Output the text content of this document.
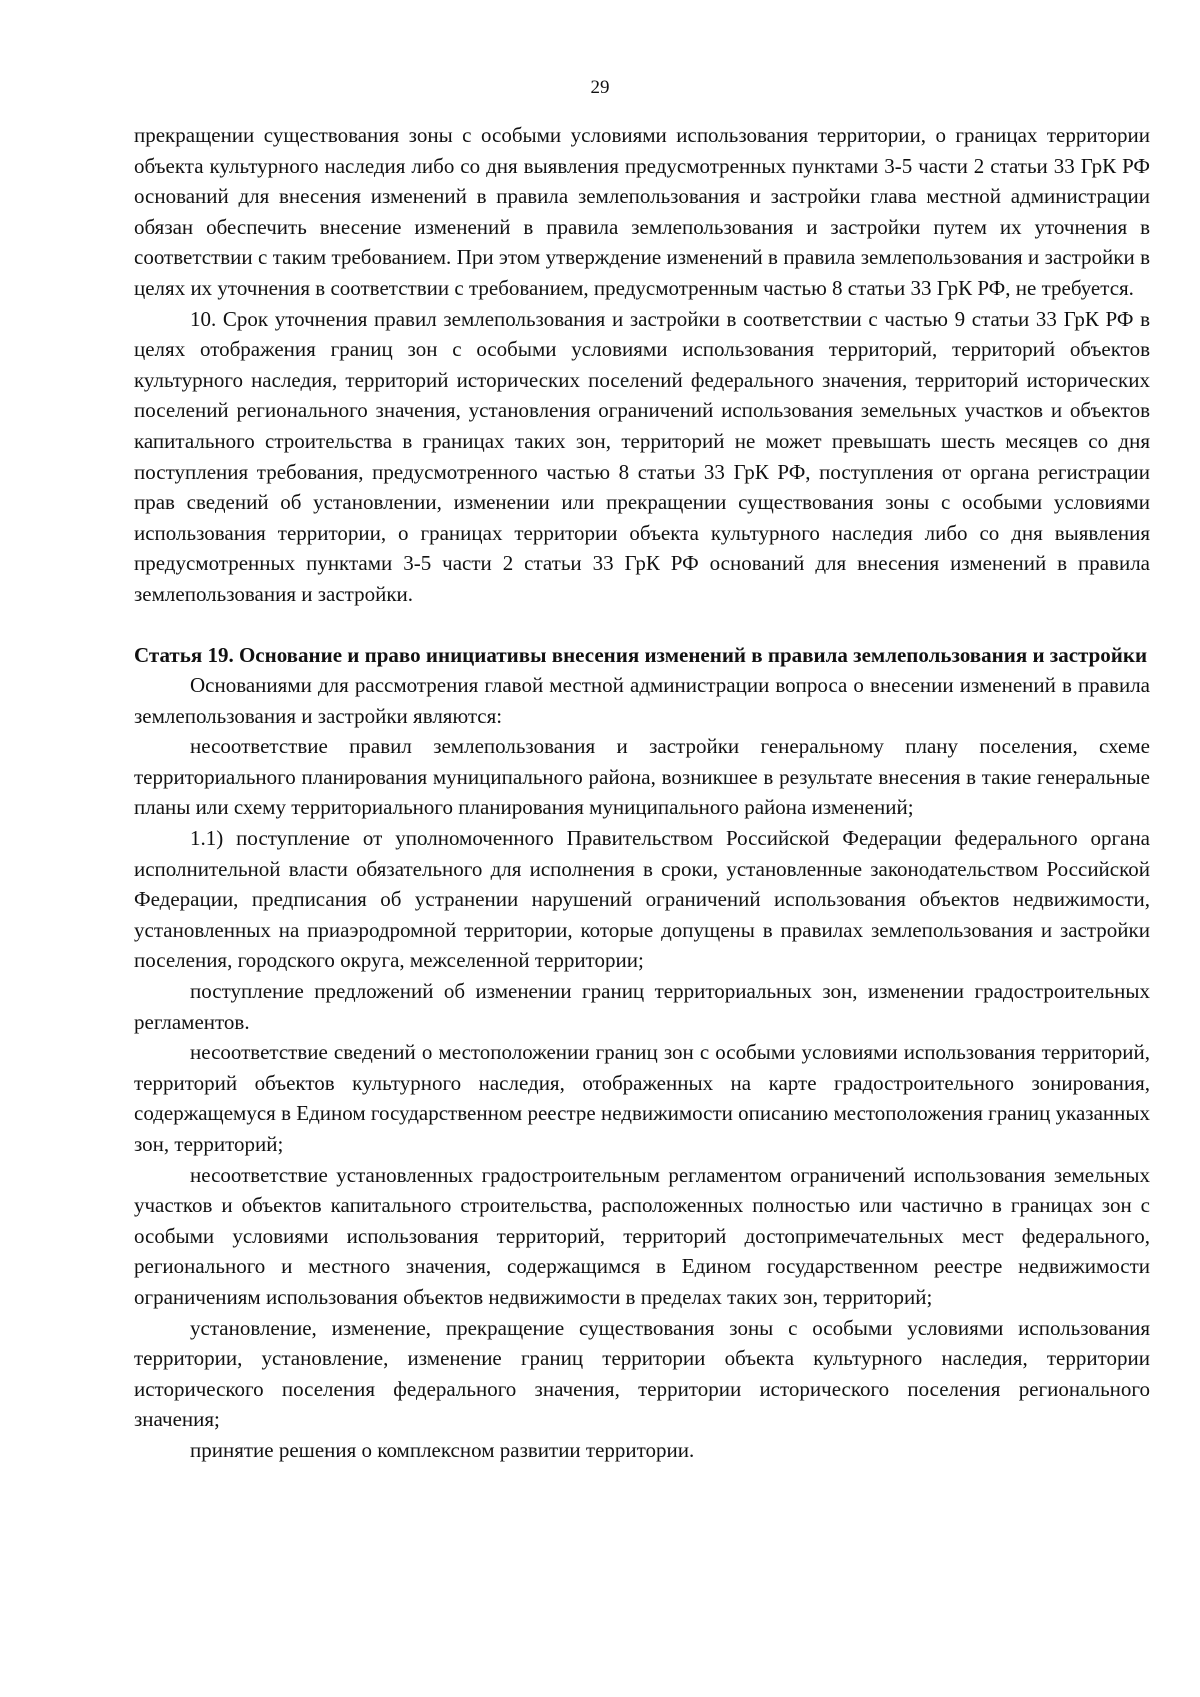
29

прекращении существования зоны с особыми условиями использования территории, о границах территории объекта культурного наследия либо со дня выявления предусмотренных пунктами 3-5 части 2 статьи 33 ГрК РФ оснований для внесения изменений в правила землепользования и застройки глава местной администрации обязан обеспечить внесение изменений в правила землепользования и застройки путем их уточнения в соответствии с таким требованием. При этом утверждение изменений в правила землепользования и застройки в целях их уточнения в соответствии с требованием, предусмотренным частью 8 статьи 33 ГрК РФ, не требуется.

10. Срок уточнения правил землепользования и застройки в соответствии с частью 9 статьи 33 ГрК РФ в целях отображения границ зон с особыми условиями использования территорий, территорий объектов культурного наследия, территорий исторических поселений федерального значения, территорий исторических поселений регионального значения, установления ограничений использования земельных участков и объектов капитального строительства в границах таких зон, территорий не может превышать шесть месяцев со дня поступления требования, предусмотренного частью 8 статьи 33 ГрК РФ, поступления от органа регистрации прав сведений об установлении, изменении или прекращении существования зоны с особыми условиями использования территории, о границах территории объекта культурного наследия либо со дня выявления предусмотренных пунктами 3-5 части 2 статьи 33 ГрК РФ оснований для внесения изменений в правила землепользования и застройки.

Статья 19. Основание и право инициативы внесения изменений в правила землепользования и застройки

Основаниями для рассмотрения главой местной администрации вопроса о внесении изменений в правила землепользования и застройки являются:

несоответствие правил землепользования и застройки генеральному плану поселения, схеме территориального планирования муниципального района, возникшее в результате внесения в такие генеральные планы или схему территориального планирования муниципального района изменений;

1.1) поступление от уполномоченного Правительством Российской Федерации федерального органа исполнительной власти обязательного для исполнения в сроки, установленные законодательством Российской Федерации, предписания об устранении нарушений ограничений использования объектов недвижимости, установленных на приаэродромной территории, которые допущены в правилах землепользования и застройки поселения, городского округа, межселенной территории;

поступление предложений об изменении границ территориальных зон, изменении градостроительных регламентов.

несоответствие сведений о местоположении границ зон с особыми условиями использования территорий, территорий объектов культурного наследия, отображенных на карте градостроительного зонирования, содержащемуся в Едином государственном реестре недвижимости описанию местоположения границ указанных зон, территорий;

несоответствие установленных градостроительным регламентом ограничений использования земельных участков и объектов капитального строительства, расположенных полностью или частично в границах зон с особыми условиями использования территорий, территорий достопримечательных мест федерального, регионального и местного значения, содержащимся в Едином государственном реестре недвижимости ограничениям использования объектов недвижимости в пределах таких зон, территорий;

установление, изменение, прекращение существования зоны с особыми условиями использования территории, установление, изменение границ территории объекта культурного наследия, территории исторического поселения федерального значения, территории исторического поселения регионального значения;

принятие решения о комплексном развитии территории.
